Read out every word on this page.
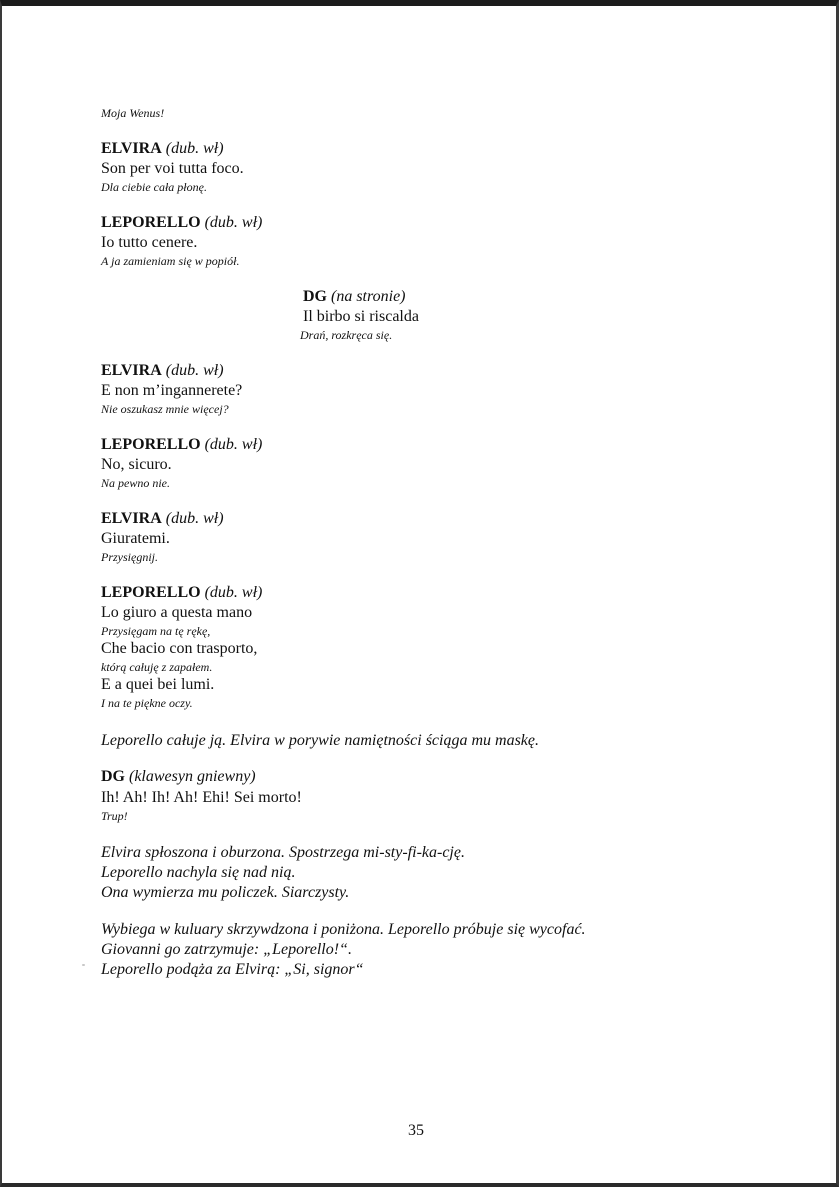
Moja Wenus!
ELVIRA (dub. wł)
Son per voi tutta foco.
Dla ciebie cała płonę.
LEPORELLO (dub. wł)
Io tutto cenere.
A ja zamieniam się w popiół.
DG (na stronie)
Il birbo si riscalda
Drań, rozkręca się.
ELVIRA (dub. wł)
E non m’ingannerete?
Nie oszukasz mnie więcej?
LEPORELLO (dub. wł)
No, sicuro.
Na pewno nie.
ELVIRA (dub. wł)
Giuratemi.
Przysięgnij.
LEPORELLO (dub. wł)
Lo giuro a questa mano
Przysięgam na tę rękę,
Che bacio con trasporto,
którą całuję z zapałem.
E a quei bei lumi.
I na te piękne oczy.
Leporello całuje ją. Elvira w porywie namiętności ściąga mu maskę.
DG (klawesyn gniewny)
Ih! Ah! Ih! Ah! Ehi! Sei morto!
Trup!
Elvira spłoszona i oburzona. Spostrzega mi-sty-fi-ka-cję.
Leporello nachyla się nad nią.
Ona wymierza mu policzek. Siarczysty.
Wybiega w kuluary skrzywdzona i poniżona. Leporello próbuje się wycofać.
Giovanni go zatrzymuje: „Leporello!“.
Leporello podąża za Elvirą: „Si, signor“
35
